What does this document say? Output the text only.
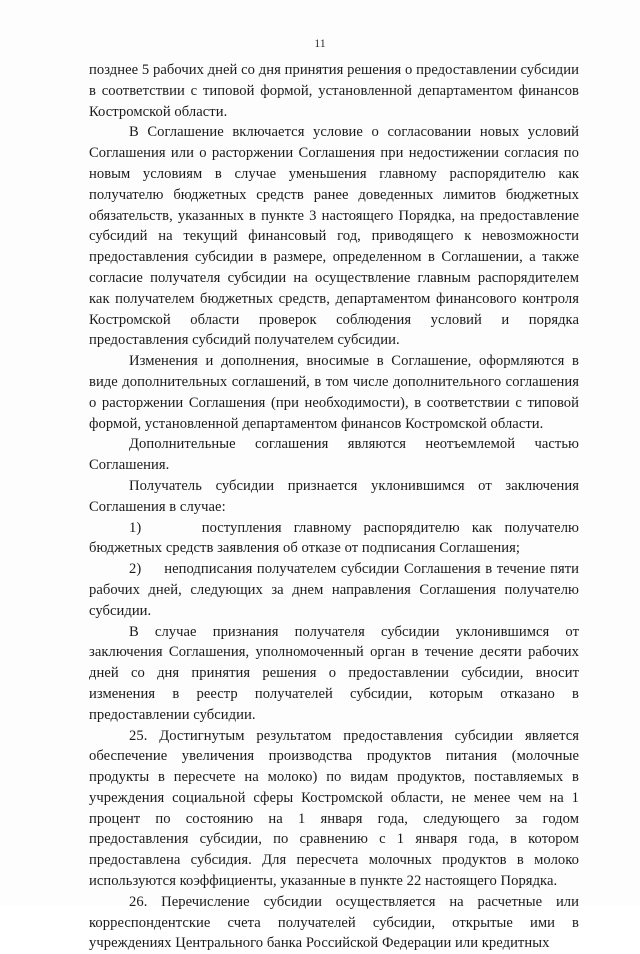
11

позднее 5 рабочих дней со дня принятия решения о предоставлении субсидии в соответствии с типовой формой, установленной департаментом финансов Костромской области.

В Соглашение включается условие о согласовании новых условий Соглашения или о расторжении Соглашения при недостижении согласия по новым условиям в случае уменьшения главному распорядителю как получателю бюджетных средств ранее доведенных лимитов бюджетных обязательств, указанных в пункте 3 настоящего Порядка, на предоставление субсидий на текущий финансовый год, приводящего к невозможности предоставления субсидии в размере, определенном в Соглашении, а также согласие получателя субсидии на осуществление главным распорядителем как получателем бюджетных средств, департаментом финансового контроля Костромской области проверок соблюдения условий и порядка предоставления субсидий получателем субсидии.

Изменения и дополнения, вносимые в Соглашение, оформляются в виде дополнительных соглашений, в том числе дополнительного соглашения о расторжении Соглашения (при необходимости), в соответствии с типовой формой, установленной департаментом финансов Костромской области.

Дополнительные соглашения являются неотъемлемой частью Соглашения.

Получатель субсидии признается уклонившимся от заключения Соглашения в случае:

1)     поступления главному распорядителю как получателю бюджетных средств заявления об отказе от подписания Соглашения;

2)     неподписания получателем субсидии Соглашения в течение пяти рабочих дней, следующих за днем направления Соглашения получателю субсидии.

В случае признания получателя субсидии уклонившимся от заключения Соглашения, уполномоченный орган в течение десяти рабочих дней со дня принятия решения о предоставлении субсидии, вносит изменения в реестр получателей субсидии, которым отказано в предоставлении субсидии.

25. Достигнутым результатом предоставления субсидии является обеспечение увеличения производства продуктов питания (молочные продукты в пересчете на молоко) по видам продуктов, поставляемых в учреждения социальной сферы Костромской области, не менее чем на 1 процент по состоянию на 1 января года, следующего за годом предоставления субсидии, по сравнению с 1 января года, в котором предоставлена субсидия. Для пересчета молочных продуктов в молоко используются коэффициенты, указанные в пункте 22 настоящего Порядка.

26. Перечисление субсидии осуществляется на расчетные или корреспондентские счета получателей субсидии, открытые ими в учреждениях Центрального банка Российской Федерации или кредитных
